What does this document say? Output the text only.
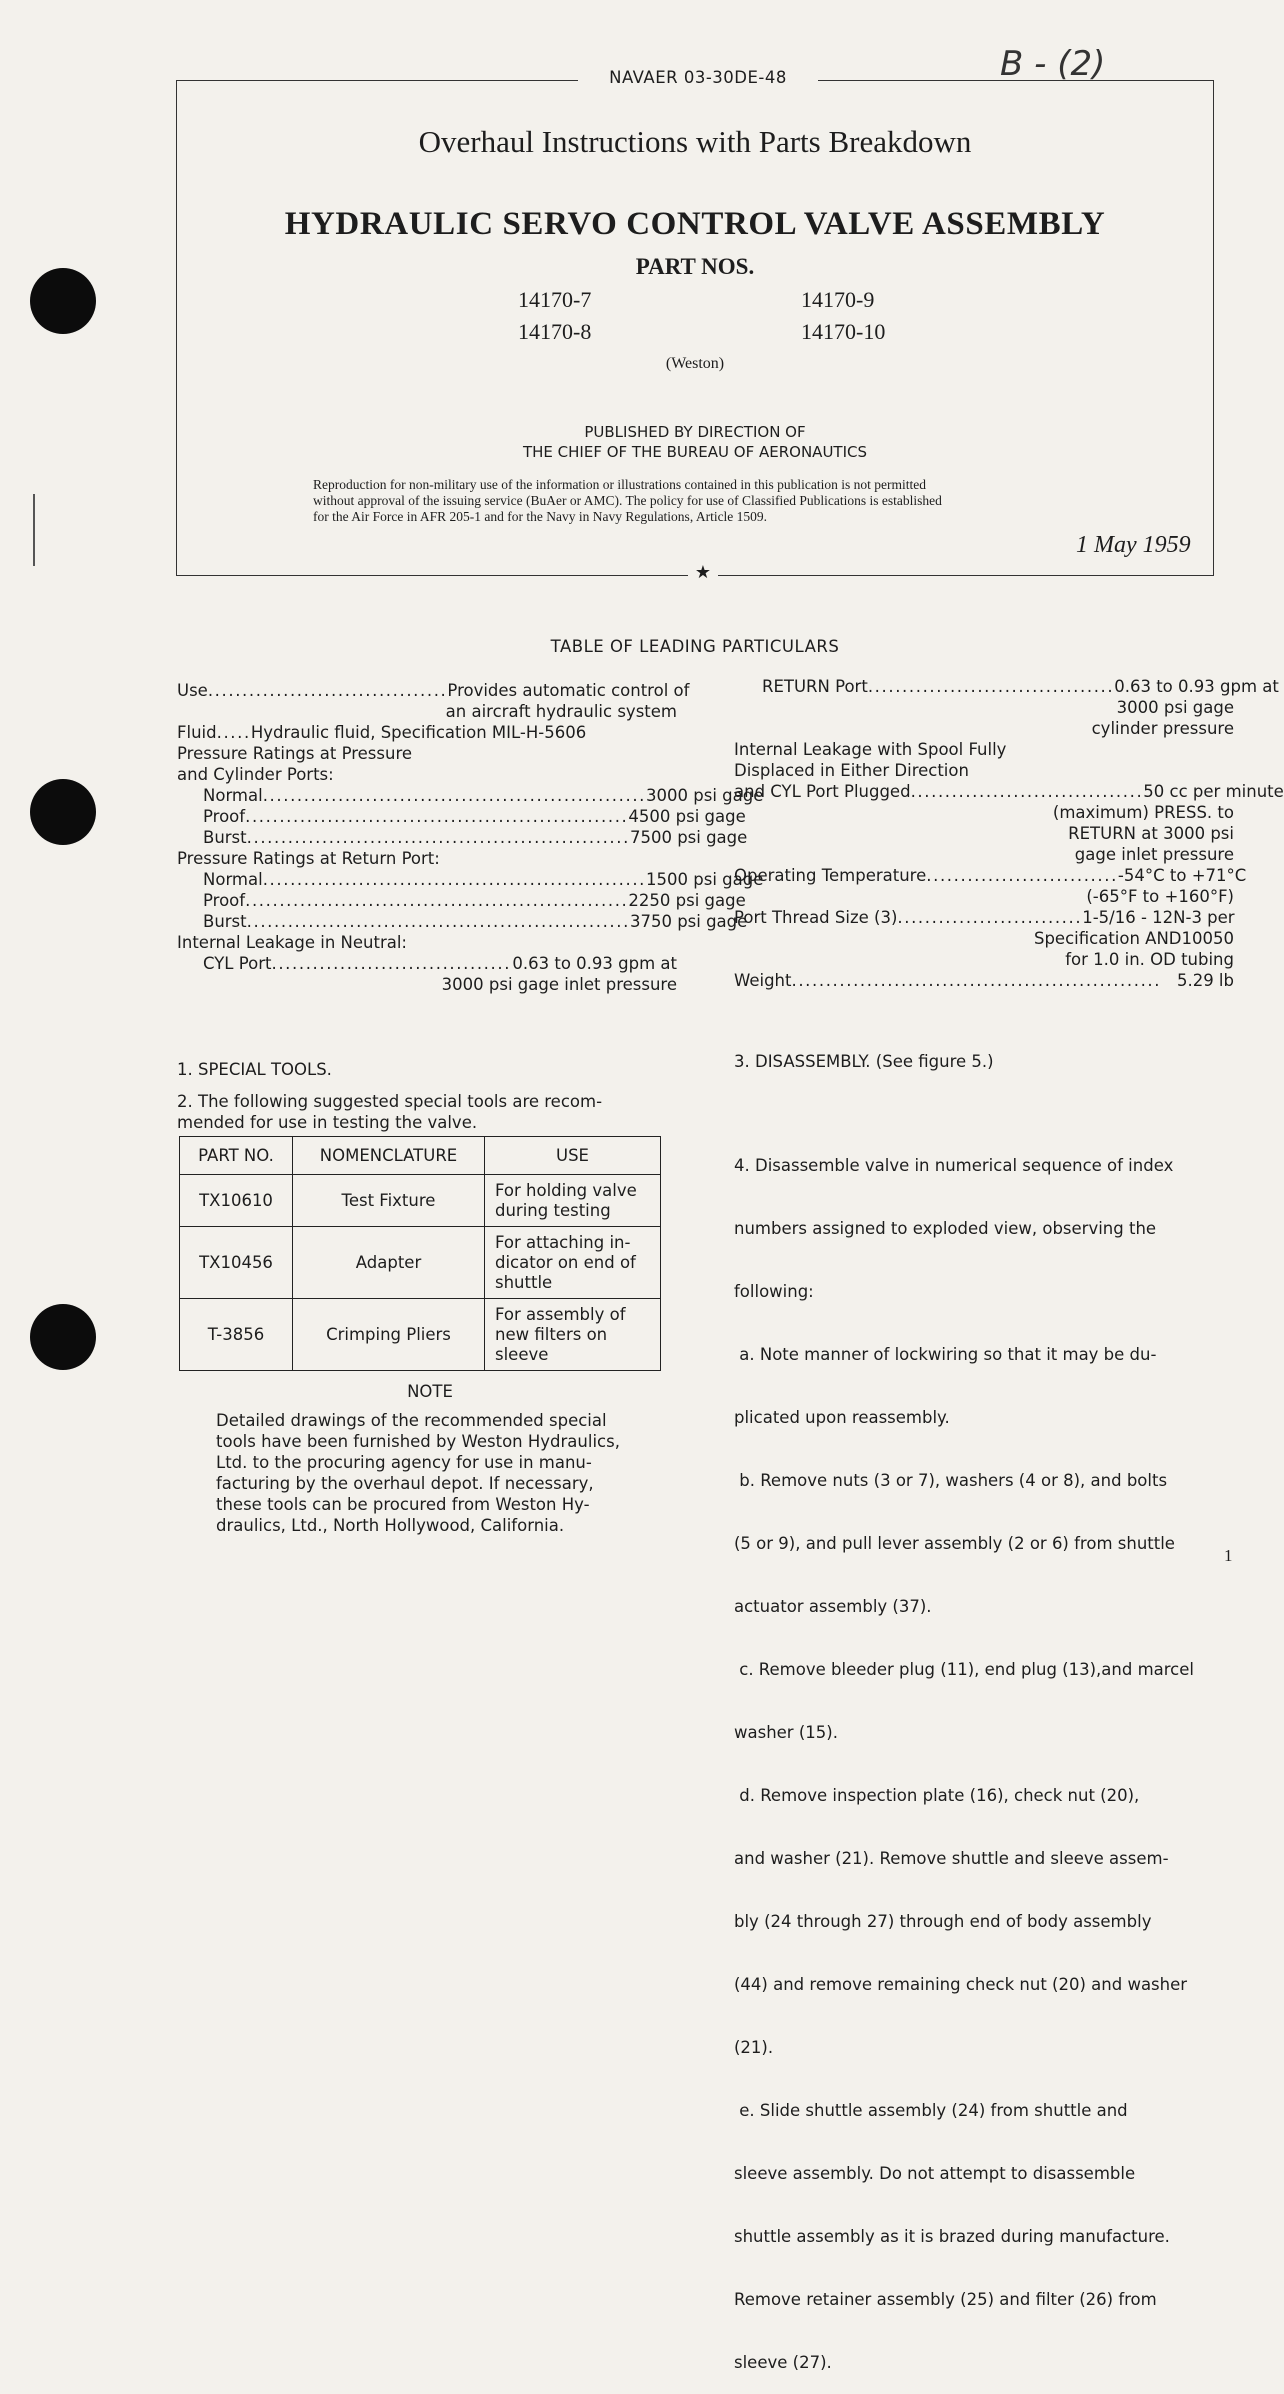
B - (2)
NAVAER 03-30DE-48
★
Overhaul Instructions with Parts Breakdown
HYDRAULIC SERVO CONTROL VALVE ASSEMBLY
PART NOS.
14170-7	14170-9
14170-8	14170-10
(Weston)
PUBLISHED BY DIRECTION OF
THE CHIEF OF THE BUREAU OF AERONAUTICS
Reproduction for non-military use of the information or illustrations contained in this publication is not permitted
without approval of the issuing service (BuAer or AMC). The policy for use of Classified Publications is established
for the Air Force in AFR 205-1 and for the Navy in Navy Regulations, Article 1509.
1 May 1959
TABLE OF LEADING PARTICULARS
Use ................................... Provides automatic control of
an aircraft hydraulic system
Fluid ..... Hydraulic fluid, Specification MIL-H-5606
Pressure Ratings at Pressure
and Cylinder Ports:
Normal ........................................................ 3000 psi gage
Proof ........................................................ 4500 psi gage
Burst ........................................................ 7500 psi gage
Pressure Ratings at Return Port:
Normal ........................................................ 1500 psi gage
Proof ........................................................ 2250 psi gage
Burst ........................................................ 3750 psi gage
Internal Leakage in Neutral:
CYL Port ................................... 0.63 to 0.93 gpm at
3000 psi gage inlet pressure
RETURN Port .................................... 0.63 to 0.93 gpm at
3000 psi gage
cylinder pressure
Internal Leakage with Spool Fully
Displaced in Either Direction
and CYL Port Plugged .................................. 50 cc per minute
(maximum) PRESS. to
RETURN at 3000 psi
gage inlet pressure
Operating Temperature ............................ -54°C to +71°C
(-65°F to +160°F)
Port Thread Size (3) ........................... 1-5/16 - 12N-3 per
Specification AND10050
for 1.0 in. OD tubing
Weight ...................................................... 5.29 lb
1. SPECIAL TOOLS.
2. The following suggested special tools are recom-
mended for use in testing the valve.
PART NO.	NOMENCLATURE	USE
TX10610	Test Fixture	For holding valve
during testing

TX10456	Adapter	For attaching in-
dicator on end of
shuttle

T-3856	Crimping Pliers	For assembly of
new filters on
sleeve
NOTE
Detailed drawings of the recommended special
tools have been furnished by Weston Hydraulics,
Ltd. to the procuring agency for use in manu-
facturing by the overhaul depot. If necessary,
these tools can be procured from Weston Hy-
draulics, Ltd., North Hollywood, California.
3. DISASSEMBLY. (See figure 5.)

4. Disassemble valve in numerical sequence of index

numbers assigned to exploded view, observing the

following:

a. Note manner of lockwiring so that it may be du-

plicated upon reassembly.

b. Remove nuts (3 or 7), washers (4 or 8), and bolts

(5 or 9), and pull lever assembly (2 or 6) from shuttle

actuator assembly (37).

c. Remove bleeder plug (11), end plug (13),and marcel

washer (15).

d. Remove inspection plate (16), check nut (20),

and washer (21). Remove shuttle and sleeve assem-

bly (24 through 27) through end of body assembly

(44) and remove remaining check nut (20) and washer

(21).

e. Slide shuttle assembly (24) from shuttle and

sleeve assembly. Do not attempt to disassemble

shuttle assembly as it is brazed during manufacture.

Remove retainer assembly (25) and filter (26) from

sleeve (27).

1
